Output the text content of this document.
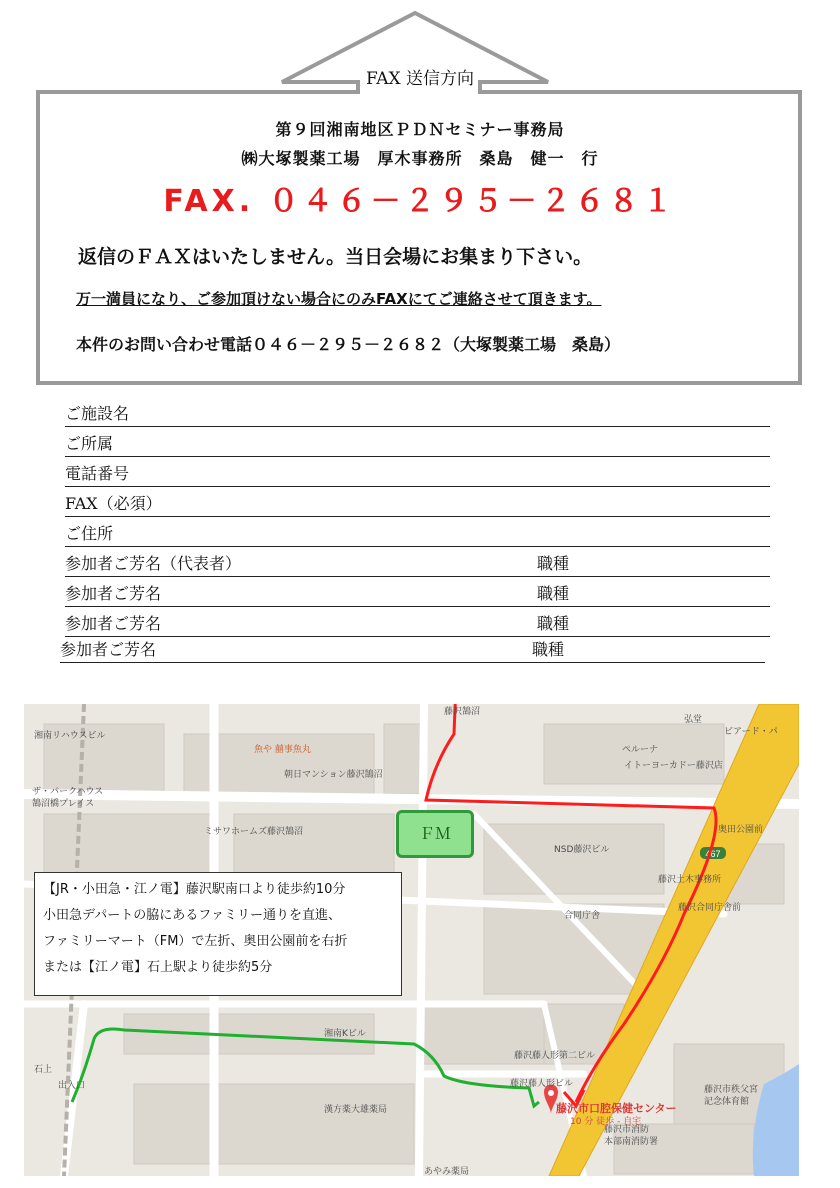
FAX 送信方向
第９回湘南地区ＰＤＮセミナー事務局
㈱大塚製薬工場　厚木事務所　桑島　健一　行
FAX. ０４６－２９５－２６８１
返信のＦＡＸはいたしません。当日会場にお集まり下さい。
万一満員になり、ご参加頂けない場合にのみFAXにてご連絡させて頂きます。
本件のお問い合わせ電話０４６－２９５－２６８２（大塚製薬工場　桑島）
ご施設名
ご所属
電話番号
FAX（必須）
ご住所
参加者ご芳名（代表者）	職種
参加者ご芳名	職種
参加者ご芳名	職種
参加者ご芳名	職種
467
藤沢鵠沼
湘南リハウスビル
魚や 囍事魚丸
朝日マンション藤沢鵠沼
ザ・パークハウス
鵠沼橋プレイス
ミサワホームズ藤沢鵠沼
ペルーナ
イトーヨーカドー藤沢店
弘堂
ビアード・パ
奥田公園前
NSD藤沢ビル
藤沢土木事務所
合同庁舎
藤沢合同庁舎前
湘南Kビル
藤沢藤人形第二ビル
藤沢藤人形ビル
漢方薬大雄薬局
石上
出入口
藤沢市消防
本部南消防署
藤沢市秩父宮
記念体育館
あやみ薬局
藤沢市口腔保健センター
10 分 徒歩 - 自宅
ＦＭ
【JR・小田急・江ノ電】藤沢駅南口より徒歩約10分
小田急デパートの脇にあるファミリー通りを直進、
ファミリーマート（FM）で左折、奥田公園前を右折
または【江ノ電】石上駅より徒歩約5分
